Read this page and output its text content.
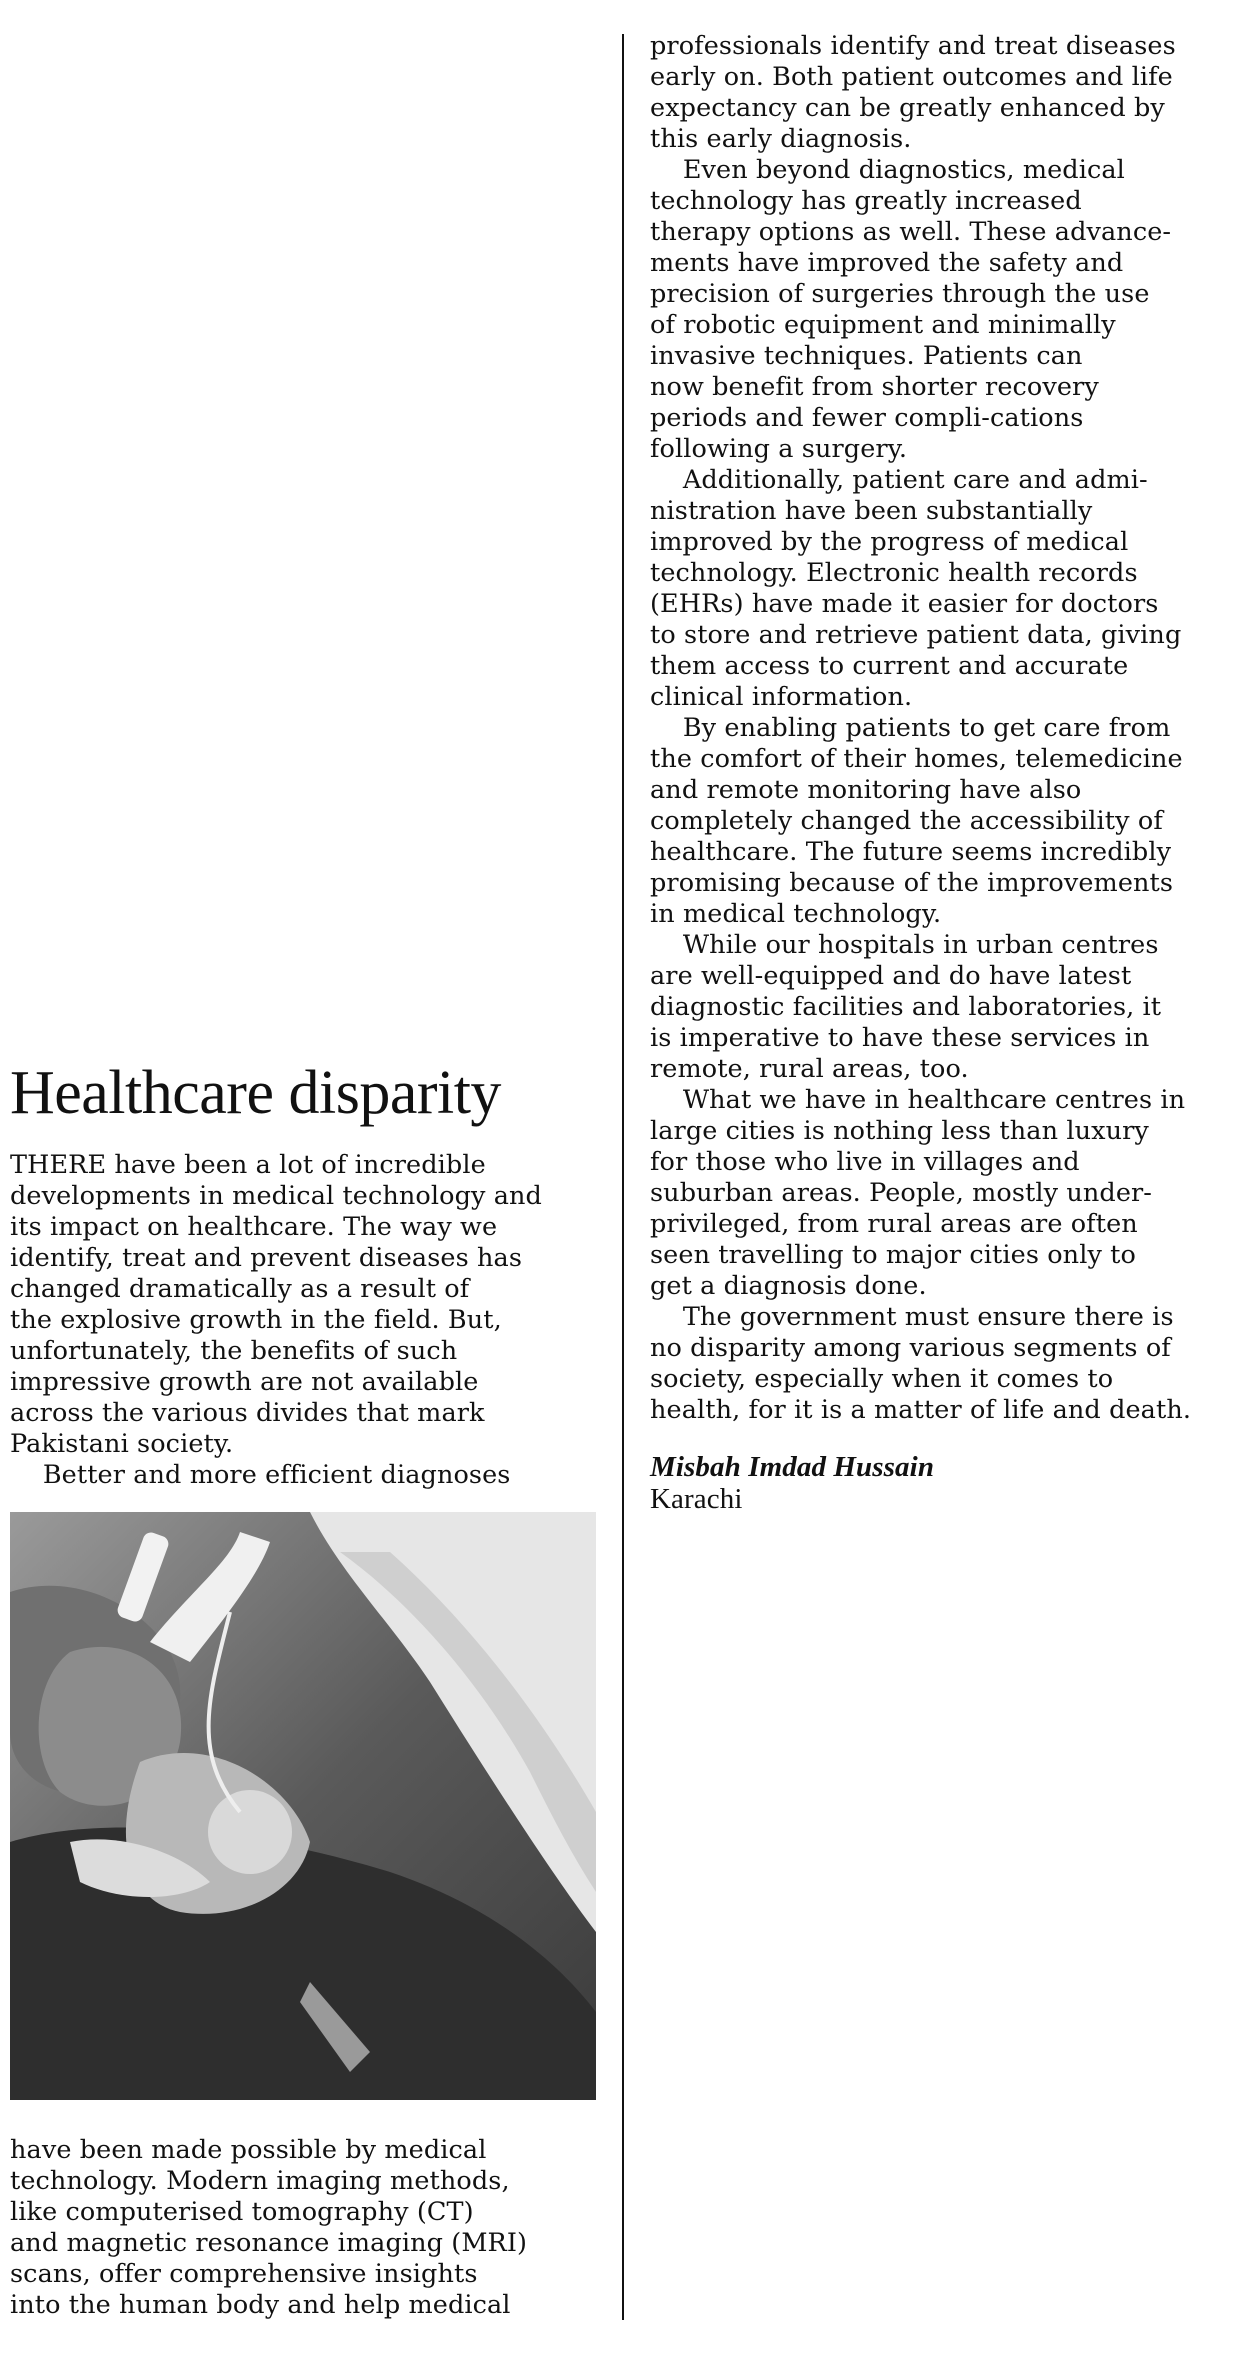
Healthcare disparity
THERE have been a lot of incredible
developments in medical technology and
its impact on healthcare. The way we
identify, treat and prevent diseases has
changed dramatically as a result of
the explosive growth in the field. But,
unfortunately, the benefits of such
impressive growth are not available
across the various divides that mark
Pakistani society.
Better and more efficient diagnoses
have been made possible by medical
technology. Modern imaging methods,
like computerised tomography (CT)
and magnetic resonance imaging (MRI)
scans, offer comprehensive insights
into the human body and help medical
professionals identify and treat diseases
early on. Both patient outcomes and life
expectancy can be greatly enhanced by
this early diagnosis.
Even beyond diagnostics, medical
technology has greatly increased
therapy options as well. These advance-
ments have improved the safety and
precision of surgeries through the use
of robotic equipment and minimally
invasive techniques. Patients can
now benefit from shorter recovery
periods and fewer compli-cations
following a surgery.
Additionally, patient care and admi-
nistration have been substantially
improved by the progress of medical
technology. Electronic health records
(EHRs) have made it easier for doctors
to store and retrieve patient data, giving
them access to current and accurate
clinical information.
By enabling patients to get care from
the comfort of their homes, telemedicine
and remote monitoring have also
completely changed the accessibility of
healthcare. The future seems incredibly
promising because of the improvements
in medical technology.
While our hospitals in urban centres
are well-equipped and do have latest
diagnostic facilities and laboratories, it
is imperative to have these services in
remote, rural areas, too.
What we have in healthcare centres in
large cities is nothing less than luxury
for those who live in villages and
suburban areas. People, mostly under-
privileged, from rural areas are often
seen travelling to major cities only to
get a diagnosis done.
The government must ensure there is
no disparity among various segments of
society, especially when it comes to
health, for it is a matter of life and death.
Misbah Imdad Hussain
Karachi
